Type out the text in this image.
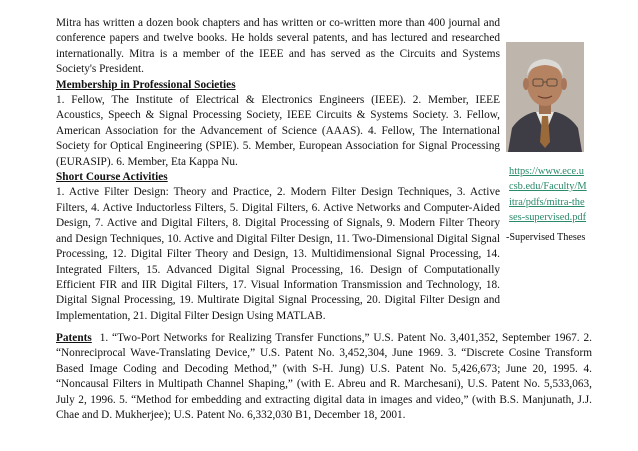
Mitra has written a dozen book chapters and has written or co-written more than 400 journal and conference papers and twelve books. He holds several patents, and has lectured and researched internationally. Mitra is a member of the IEEE and has served as the Circuits and Systems Society's President.

Membership in Professional Societies
1. Fellow, The Institute of Electrical & Electronics Engineers (IEEE). 2. Member, IEEE Acoustics, Speech & Signal Processing Society, IEEE Circuits & Systems Society. 3. Fellow, American Association for the Advancement of Science (AAAS). 4. Fellow, The International Society for Optical Engineering (SPIE). 5. Member, European Association for Signal Processing (EURASIP). 6. Member, Eta Kappa Nu.

Short Course Activities
1. Active Filter Design: Theory and Practice, 2. Modern Filter Design Techniques, 3. Active Filters, 4. Active Inductorless Filters, 5. Digital Filters, 6. Active Networks and Computer-Aided Design, 7. Active and Digital Filters, 8. Digital Processing of Signals, 9. Modern Filter Theory and Design Techniques, 10. Active and Digital Filter Design, 11. Two-Dimensional Digital Signal Processing, 12. Digital Filter Theory and Design, 13. Multidimensional Signal Processing, 14. Integrated Filters, 15. Advanced Digital Signal Processing, 16. Design of Computationally Efficient FIR and IIR Digital Filters, 17. Visual Information Transmission and Technology, 18. Digital Signal Processing, 19. Multirate Digital Signal Processing, 20. Digital Filter Design and Implementation, 21. Digital Filter Design Using MATLAB.

https://www.ece.ucsb.edu/Faculty/Mitra/pdfs/mitra-theses-supervised.pdf
-Supervised Theses

Patents 1. “Two-Port Networks for Realizing Transfer Functions,” U.S. Patent No. 3,401,352, September 1967. 2. “Nonreciprocal Wave-Translating Device,” U.S. Patent No. 3,452,304, June 1969. 3. “Discrete Cosine Transform Based Image Coding and Decoding Method,” (with S-H. Jung) U.S. Patent No. 5,426,673; June 20, 1995. 4. “Noncausal Filters in Multipath Channel Shaping,” (with E. Abreu and R. Marchesani), U.S. Patent No. 5,533,063, July 2, 1996. 5. “Method for embedding and extracting digital data in images and video,” (with B.S. Manjunath, J.J. Chae and D. Mukherjee); U.S. Patent No. 6,332,030 B1, December 18, 2001.
